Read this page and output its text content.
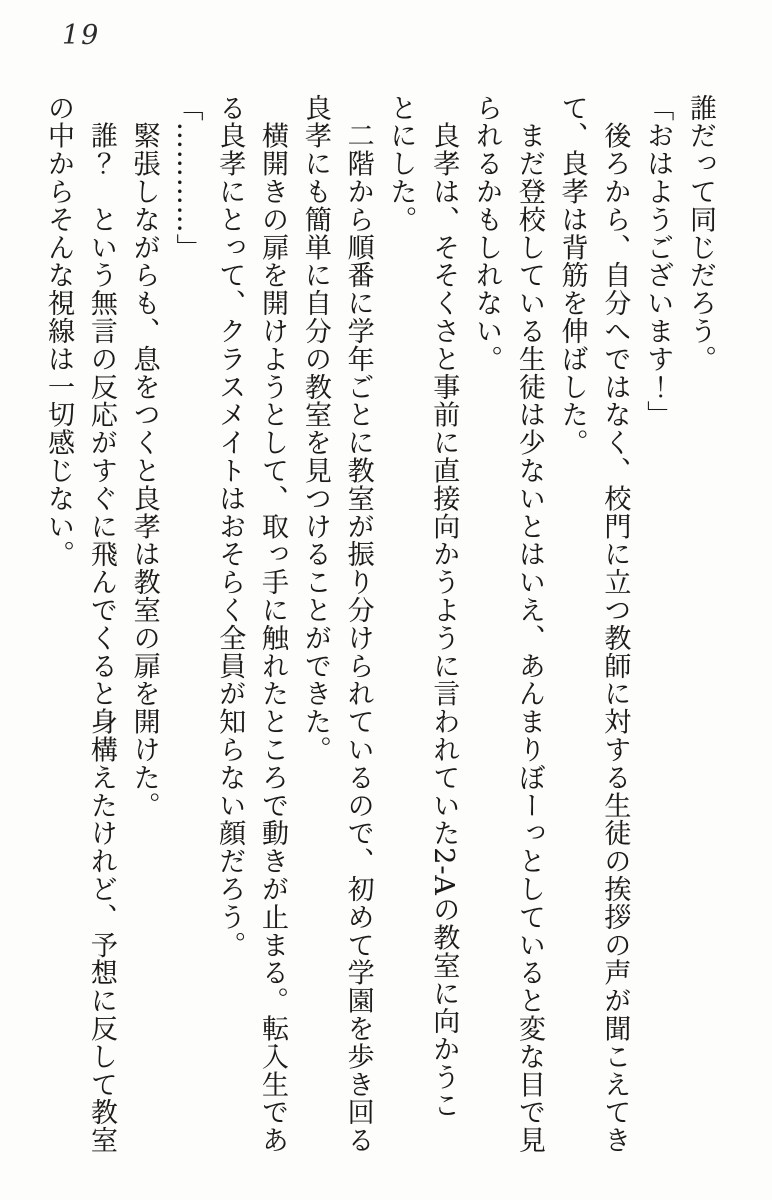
19
誰だって同じだろう。
「おはようございます！」
　後ろから、自分へではなく、校門に立つ教師に対する生徒の挨拶の声が聞こえてき
て、良孝は背筋を伸ばした。
　まだ登校している生徒は少ないとはいえ、あんまりぼーっとしていると変な目で見
られるかもしれない。
　良孝は、そそくさと事前に直接向かうように言われていた2-Aの教室に向かうこ
とにした。
　二階から順番に学年ごとに教室が振り分けられているので、初めて学園を歩き回る
良孝にも簡単に自分の教室を見つけることができた。
　横開きの扉を開けようとして、取っ手に触れたところで動きが止まる。転入生であ
る良孝にとって、クラスメイトはおそらく全員が知らない顔だろう。
「…………」
　緊張しながらも、息をつくと良孝は教室の扉を開けた。
　誰？　という無言の反応がすぐに飛んでくると身構えたけれど、予想に反して教室
の中からそんな視線は一切感じない。
